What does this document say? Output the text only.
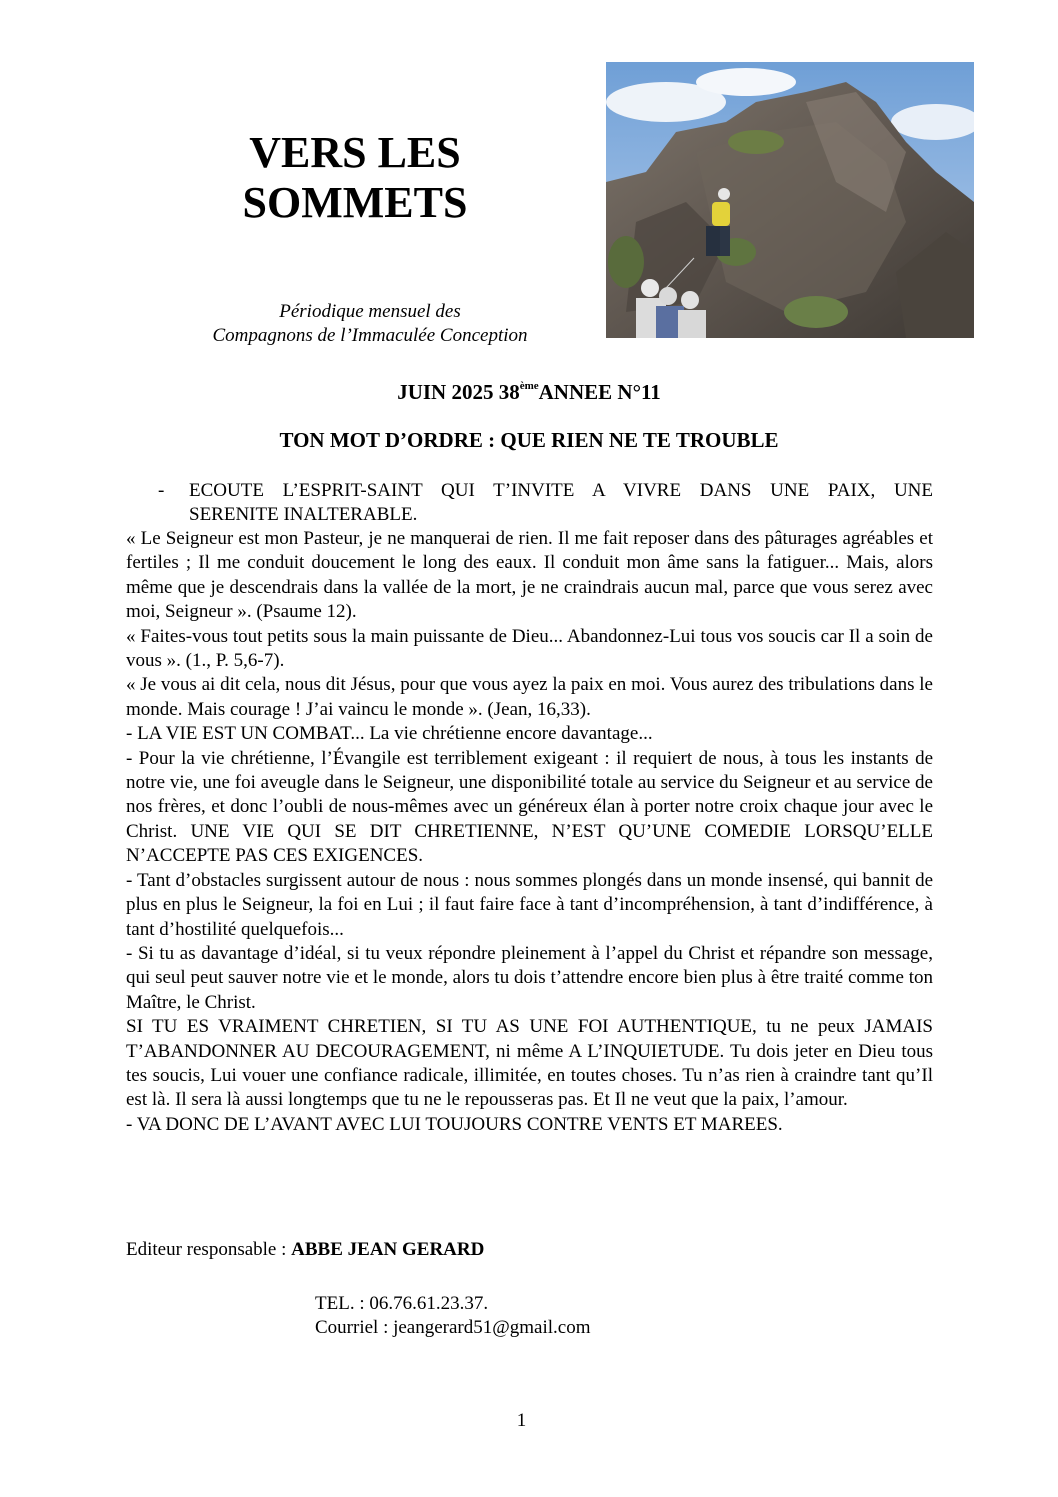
VERS LES
SOMMETS
Périodique mensuel des
Compagnons de l’Immaculée Conception
JUIN 2025 38èmeANNEE N°11
TON MOT D’ORDRE : QUE RIEN NE TE TROUBLE
- ECOUTE L’ESPRIT-SAINT QUI T’INVITE A VIVRE DANS UNE PAIX, UNE
SERENITE INALTERABLE.

« Le Seigneur est mon Pasteur, je ne manquerai de rien. Il me fait reposer dans des pâturages agréables et fertiles ; Il me conduit doucement le long des eaux. Il conduit mon âme sans la fatiguer... Mais, alors même que je descendrais dans la vallée de la mort, je ne craindrais aucun mal, parce que vous serez avec moi, Seigneur ». (Psaume 12).

« Faites-vous tout petits sous la main puissante de Dieu... Abandonnez-Lui tous vos soucis car Il a soin de vous ». (1., P. 5,6-7).

« Je vous ai dit cela, nous dit Jésus, pour que vous ayez la paix en moi. Vous aurez des tribulations dans le monde. Mais courage ! J’ai vaincu le monde ». (Jean, 16,33).

- LA VIE EST UN COMBAT... La vie chrétienne encore davantage...

- Pour la vie chrétienne, l’Évangile est terriblement exigeant : il requiert de nous, à tous les instants de notre vie, une foi aveugle dans le Seigneur, une disponibilité totale au service du Seigneur et au service de nos frères, et donc l’oubli de nous-mêmes avec un généreux élan à porter notre croix chaque jour avec le Christ. UNE VIE QUI SE DIT CHRETIENNE, N’EST QU’UNE COMEDIE LORSQU’ELLE N’ACCEPTE PAS CES EXIGENCES.

- Tant d’obstacles surgissent autour de nous : nous sommes plongés dans un monde insensé, qui bannit de plus en plus le Seigneur, la foi en Lui ; il faut faire face à tant d’incompréhension, à tant d’indifférence, à tant d’hostilité quelquefois...

- Si tu as davantage d’idéal, si tu veux répondre pleinement à l’appel du Christ et répandre son message, qui seul peut sauver notre vie et le monde, alors tu dois t’attendre encore bien plus à être traité comme ton Maître, le Christ.

SI TU ES VRAIMENT CHRETIEN, SI TU AS UNE FOI AUTHENTIQUE, tu ne peux JAMAIS T’ABANDONNER AU DECOURAGEMENT, ni même A L’INQUIETUDE. Tu dois jeter en Dieu tous tes soucis, Lui vouer une confiance radicale, illimitée, en toutes choses. Tu n’as rien à craindre tant qu’Il est là. Il sera là aussi longtemps que tu ne le repousseras pas. Et Il ne veut que la paix, l’amour.

- VA DONC DE L’AVANT AVEC LUI TOUJOURS CONTRE VENTS ET MAREES.

Editeur responsable : ABBE JEAN GERARD
TEL. : 06.76.61.23.37.
Courriel : jeangerard51@gmail.com
1
